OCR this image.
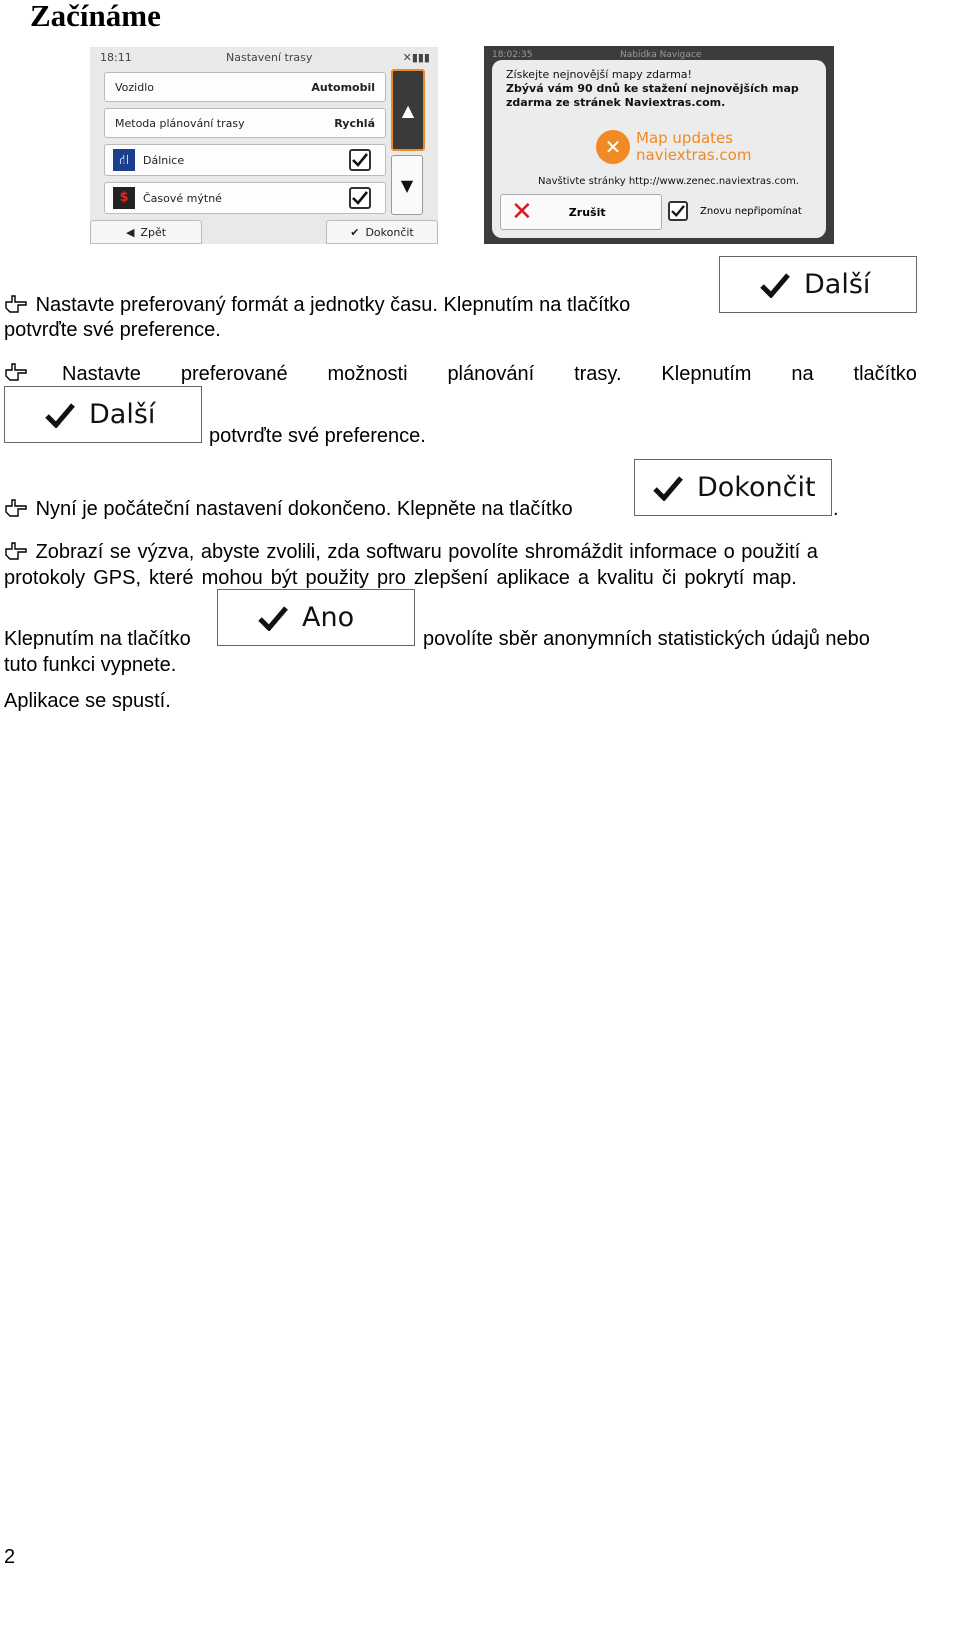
Začínáme
18:11	Nastavení trasy	✕▮▮▮
Vozidlo	Automobil
Metoda plánování trasy	Rychlá
⛙	Dálnice
$	Časové mýtné
▲
▼
◀ Zpět	✔ Dokončit
18:02:35	Nabídka Navigace
Získejte nejnovější mapy zdarma!
Zbývá vám 90 dnů ke stažení nejnovějších map
zdarma ze stránek Naviextras.com.
✕ Map updates
naviextras.com
Navštivte stránky http://www.zenec.naviextras.com.
✕	Zrušit	Znovu nepřipomínat
Nastavte preferovaný formát a jednotky času. Klepnutím na tlačítko
Další
potvrďte své preference.
Nastavte preferované možnosti plánování trasy. Klepnutím na tlačítko
Další
potvrďte své preference.
Nyní je počáteční nastavení dokončeno. Klepněte na tlačítko
Dokončit
.
Zobrazí se výzva, abyste zvolili, zda softwaru povolíte shromáždit informace o použití a
protokoly GPS, které mohou být použity pro zlepšení aplikace a kvalitu či pokrytí map.
Ano
Klepnutím na tlačítko	povolíte sběr anonymních statistických údajů nebo
tuto funkci vypnete.
Aplikace se spustí.
2
